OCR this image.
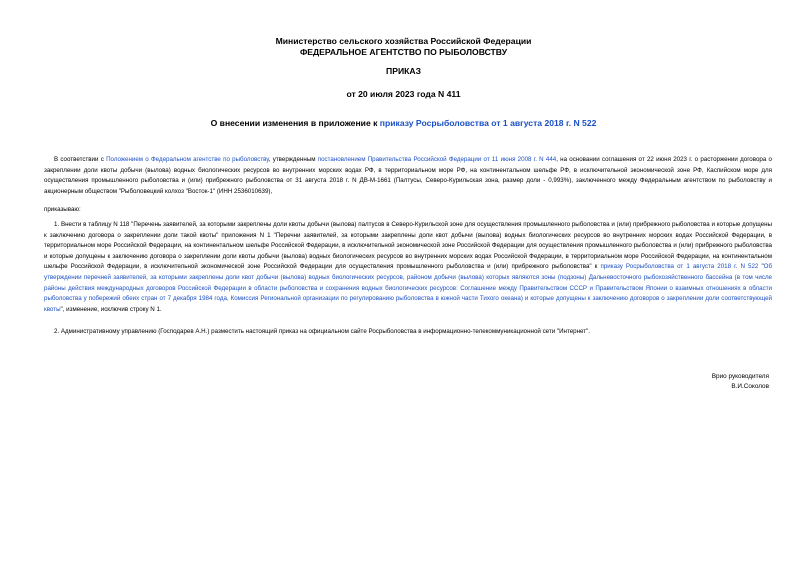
Министерство сельского хозяйства Российской Федерации
ФЕДЕРАЛЬНОЕ АГЕНТСТВО ПО РЫБОЛОВСТВУ
ПРИКАЗ
от 20 июля 2023 года N 411
О внесении изменения в приложение к приказу Росрыболовства от 1 августа 2018 г. N 522
В соответствии с Положением о Федеральном агентстве по рыболовству, утвержденным постановлением Правительства Российской Федерации от 11 июня 2008 г. N 444, на основании соглашения от 22 июня 2023 г. о расторжении договора о закреплении доли квоты добычи (вылова) водных биологических ресурсов во внутренних морских водах РФ, в территориальном море РФ, на континентальном шельфе РФ, в исключительной экономической зоне РФ, Каспийском море для осуществления промышленного рыболовства и (или) прибрежного рыболовства от 31 августа 2018 г. N ДВ-М-1661 (Палтусы, Северо-Курильская зона, размер доли - 0,993%), заключенного между Федеральным агентством по рыболовству и акционерным обществом "Рыболовецкий колхоз "Восток-1" (ИНН 2536010639),
приказываю:
1. Внести в таблицу N 118 "Перечень заявителей, за которыми закреплены доли квоты добычи (вылова) палтусов в Северо-Курильской зоне для осуществления промышленного рыболовства и (или) прибрежного рыболовства и которые допущены к заключению договора о закреплении доли такой квоты" приложения N 1 "Перечни заявителей, за которыми закреплены доли квот добычи (вылова) водных биологических ресурсов во внутренних морских водах Российской Федерации, в территориальном море Российской Федерации, на континентальном шельфе Российской Федерации, в исключительной экономической зоне Российской Федерации для осуществления промышленного рыболовства и (или) прибрежного рыболовства и которые допущены к заключению договора о закреплении доли квоты добычи (вылова) водных биологических ресурсов во внутренних морских водах Российской Федерации, в территориальном море Российской Федерации, на континентальном шельфе Российской Федерации, в исключительной экономической зоне Российской Федерации для осуществления промышленного рыболовства и (или) прибрежного рыболовства" к приказу Росрыболовства от 1 августа 2018 г. N 522 "Об утверждении перечней заявителей, за которыми закреплены доли квот добычи (вылова) водных биологических ресурсов, районом добычи (вылова) которых являются зоны (подзоны) Дальневосточного рыбохозяйственного бассейна (в том числе районы действия международных договоров Российской Федерации в области рыболовства и сохранения водных биологических ресурсов: Соглашение между Правительством СССР и Правительством Японии о взаимных отношениях в области рыболовства у побережий обеих стран от 7 декабря 1984 года, Комиссия Региональной организации по регулированию рыболовства в южной части Тихого океана) и которые допущены к заключению договоров о закреплении доли соответствующей квоты", изменение, исключив строку N 1.
2. Административному управлению (Господарев А.Н.) разместить настоящий приказ на официальном сайте Росрыболовства в информационно-телекоммуникационной сети "Интернет".
Врио руководителя
В.И.Соколов
